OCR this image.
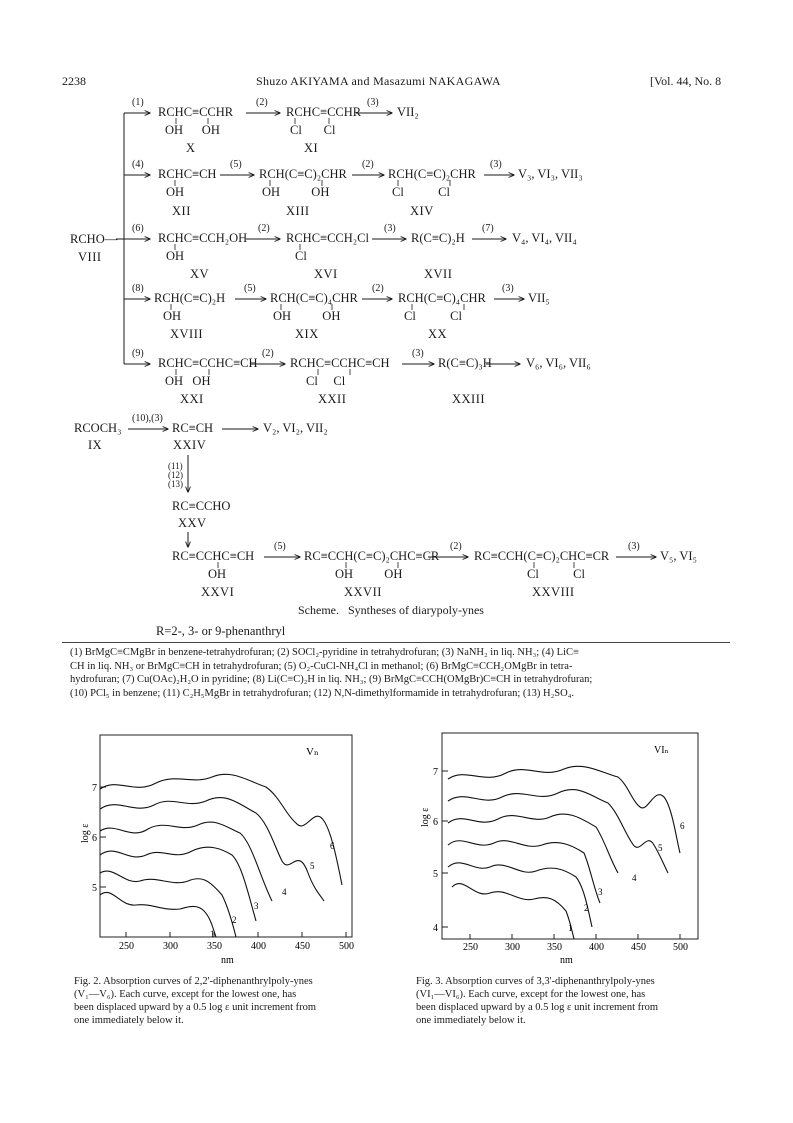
2238	Shuzo AKIYAMA and Masazumi NAKAGAWA	[Vol. 44, No. 8
RCHO—
VIII
(1)
RCHC≡CCHR
OH      OH
X
(2)
RCHC≡CCHR
Cl       Cl
XI
(3)
VII₂
(4)
RCHC≡CH
OH
XII
(5)
RCH(C≡C)₂CHR
OH          OH
XIII
(2)
RCH(C≡C)₂CHR
Cl           Cl
XIV
(3)
V₃, VI₃, VII₃
(6)
RCHC≡CCH₂OH
OH
XV
(2)
RCHC≡CCH₂Cl
Cl
XVI
(3)
R(C≡C)₂H
XVII
(7)
V₄, VI₄, VII₄
(8)
RCH(C≡C)₂H
OH
XVIII
(5)
RCH(C≡C)₄CHR
OH          OH
XIX
(2)
RCH(C≡C)₄CHR
Cl           Cl
XX
(3)
VII₅
(9)
RCHC≡CCHC≡CH
OH   OH
XXI
(2)
RCHC≡CCHC≡CH
Cl     Cl
XXII
(3)
R(C≡C)₃H
XXIII
V₆, VI₆, VII₆
RCOCH₃
IX
(10),(3)
RC≡CH
XXIV
V₂, VI₂, VII₂
(11)
(12)
(13)
RC≡CCHO
XXV
RC≡CCHC≡CH
OH
XXVI
(5)
RC≡CCH(C≡C)₂CHC≡CR
OH          OH
XXVII
(2)
RC≡CCH(C≡C)₂CHC≡CR
Cl           Cl
XXVIII
(3)
V₅, VI₅
Scheme.   Syntheses of diarypoly-ynes
R=2-, 3- or 9-phenanthryl
(1) BrMgC≡CMgBr in benzene-tetrahydrofuran; (2) SOCl₂-pyridine in tetrahydrofuran; (3) NaNH₂ in liq. NH₃; (4) LiC≡
CH in liq. NH₃ or BrMgC≡CH in tetrahydrofuran; (5) O₂-CuCl-NH₄Cl in methanol; (6) BrMgC≡CCH₂OMgBr in tetra-
hydrofuran; (7) Cu(OAc)₂H₂O in pyridine; (8) Li(C≡C)₂H in liq. NH₃; (9) BrMgC≡CCH(OMgBr)C≡CH in tetrahydrofuran;
(10) PCl₅ in benzene; (11) C₂H₅MgBr in tetrahydrofuran; (12) N,N-dimethylformamide in tetrahydrofuran; (13) H₂SO₄.
Vₙ
log ε
7
6
5
250	300	350	400	450	500
nm
1
2
3
4
5
6
Fig. 2. Absorption curves of 2,2'-diphenanthrylpoly-ynes
(V₁—V₆). Each curve, except for the lowest one, has
been displaced upward by a 0.5 log ε unit increment from
one immediately below it.
VIₙ
log ε
7
6
5
4
250	300	350	400	450	500
nm
1
2
3
4
5
6
Fig. 3. Absorption curves of 3,3'-diphenanthrylpoly-ynes
(VI₁—VI₆). Each curve, except for the lowest one, has
been displaced upward by a 0.5 log ε unit increment from
one immediately below it.
